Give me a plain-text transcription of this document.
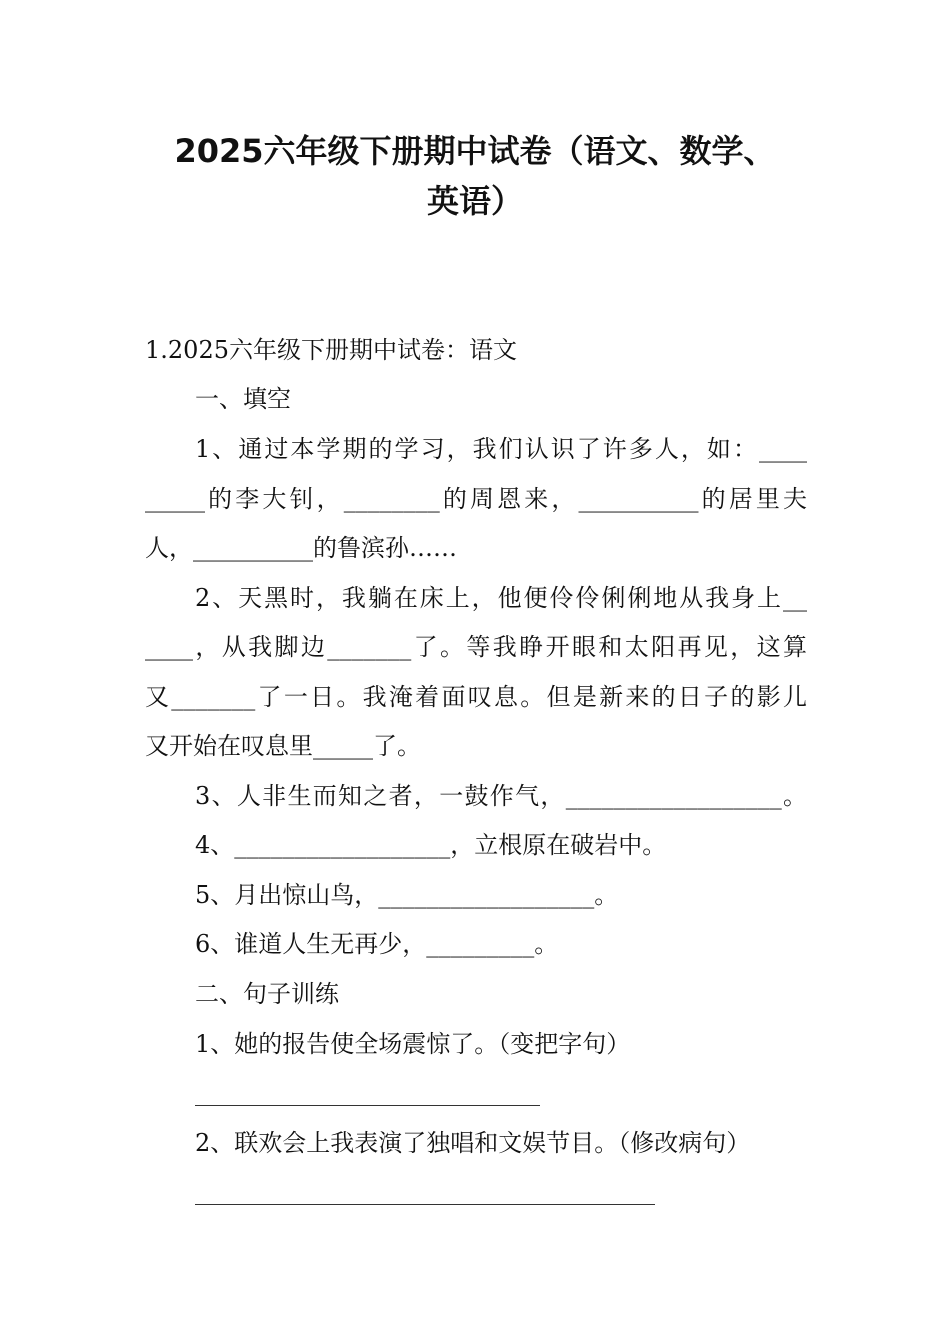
2025六年级下册期中试卷（语文、数学、
英语）
1.2025六年级下册期中试卷：语文
一、填空
1、通过本学期的学习，我们认识了许多人，如：____
_____的李大钊，________的周恩来，__________的居里夫
人，__________的鲁滨孙……
2、天黑时，我躺在床上，他便伶伶俐俐地从我身上__
____，从我脚边_______了。等我睁开眼和太阳再见，这算
又_______了一日。我淹着面叹息。但是新来的日子的影儿
又开始在叹息里_____了。
3、人非生而知之者，一鼓作气，__________________。
4、__________________，立根原在破岩中。
5、月出惊山鸟，__________________。
6、谁道人生无再少，_________。
二、句子训练
1、她的报告使全场震惊了。（变把字句）
2、联欢会上我表演了独唱和文娱节目。（修改病句）
